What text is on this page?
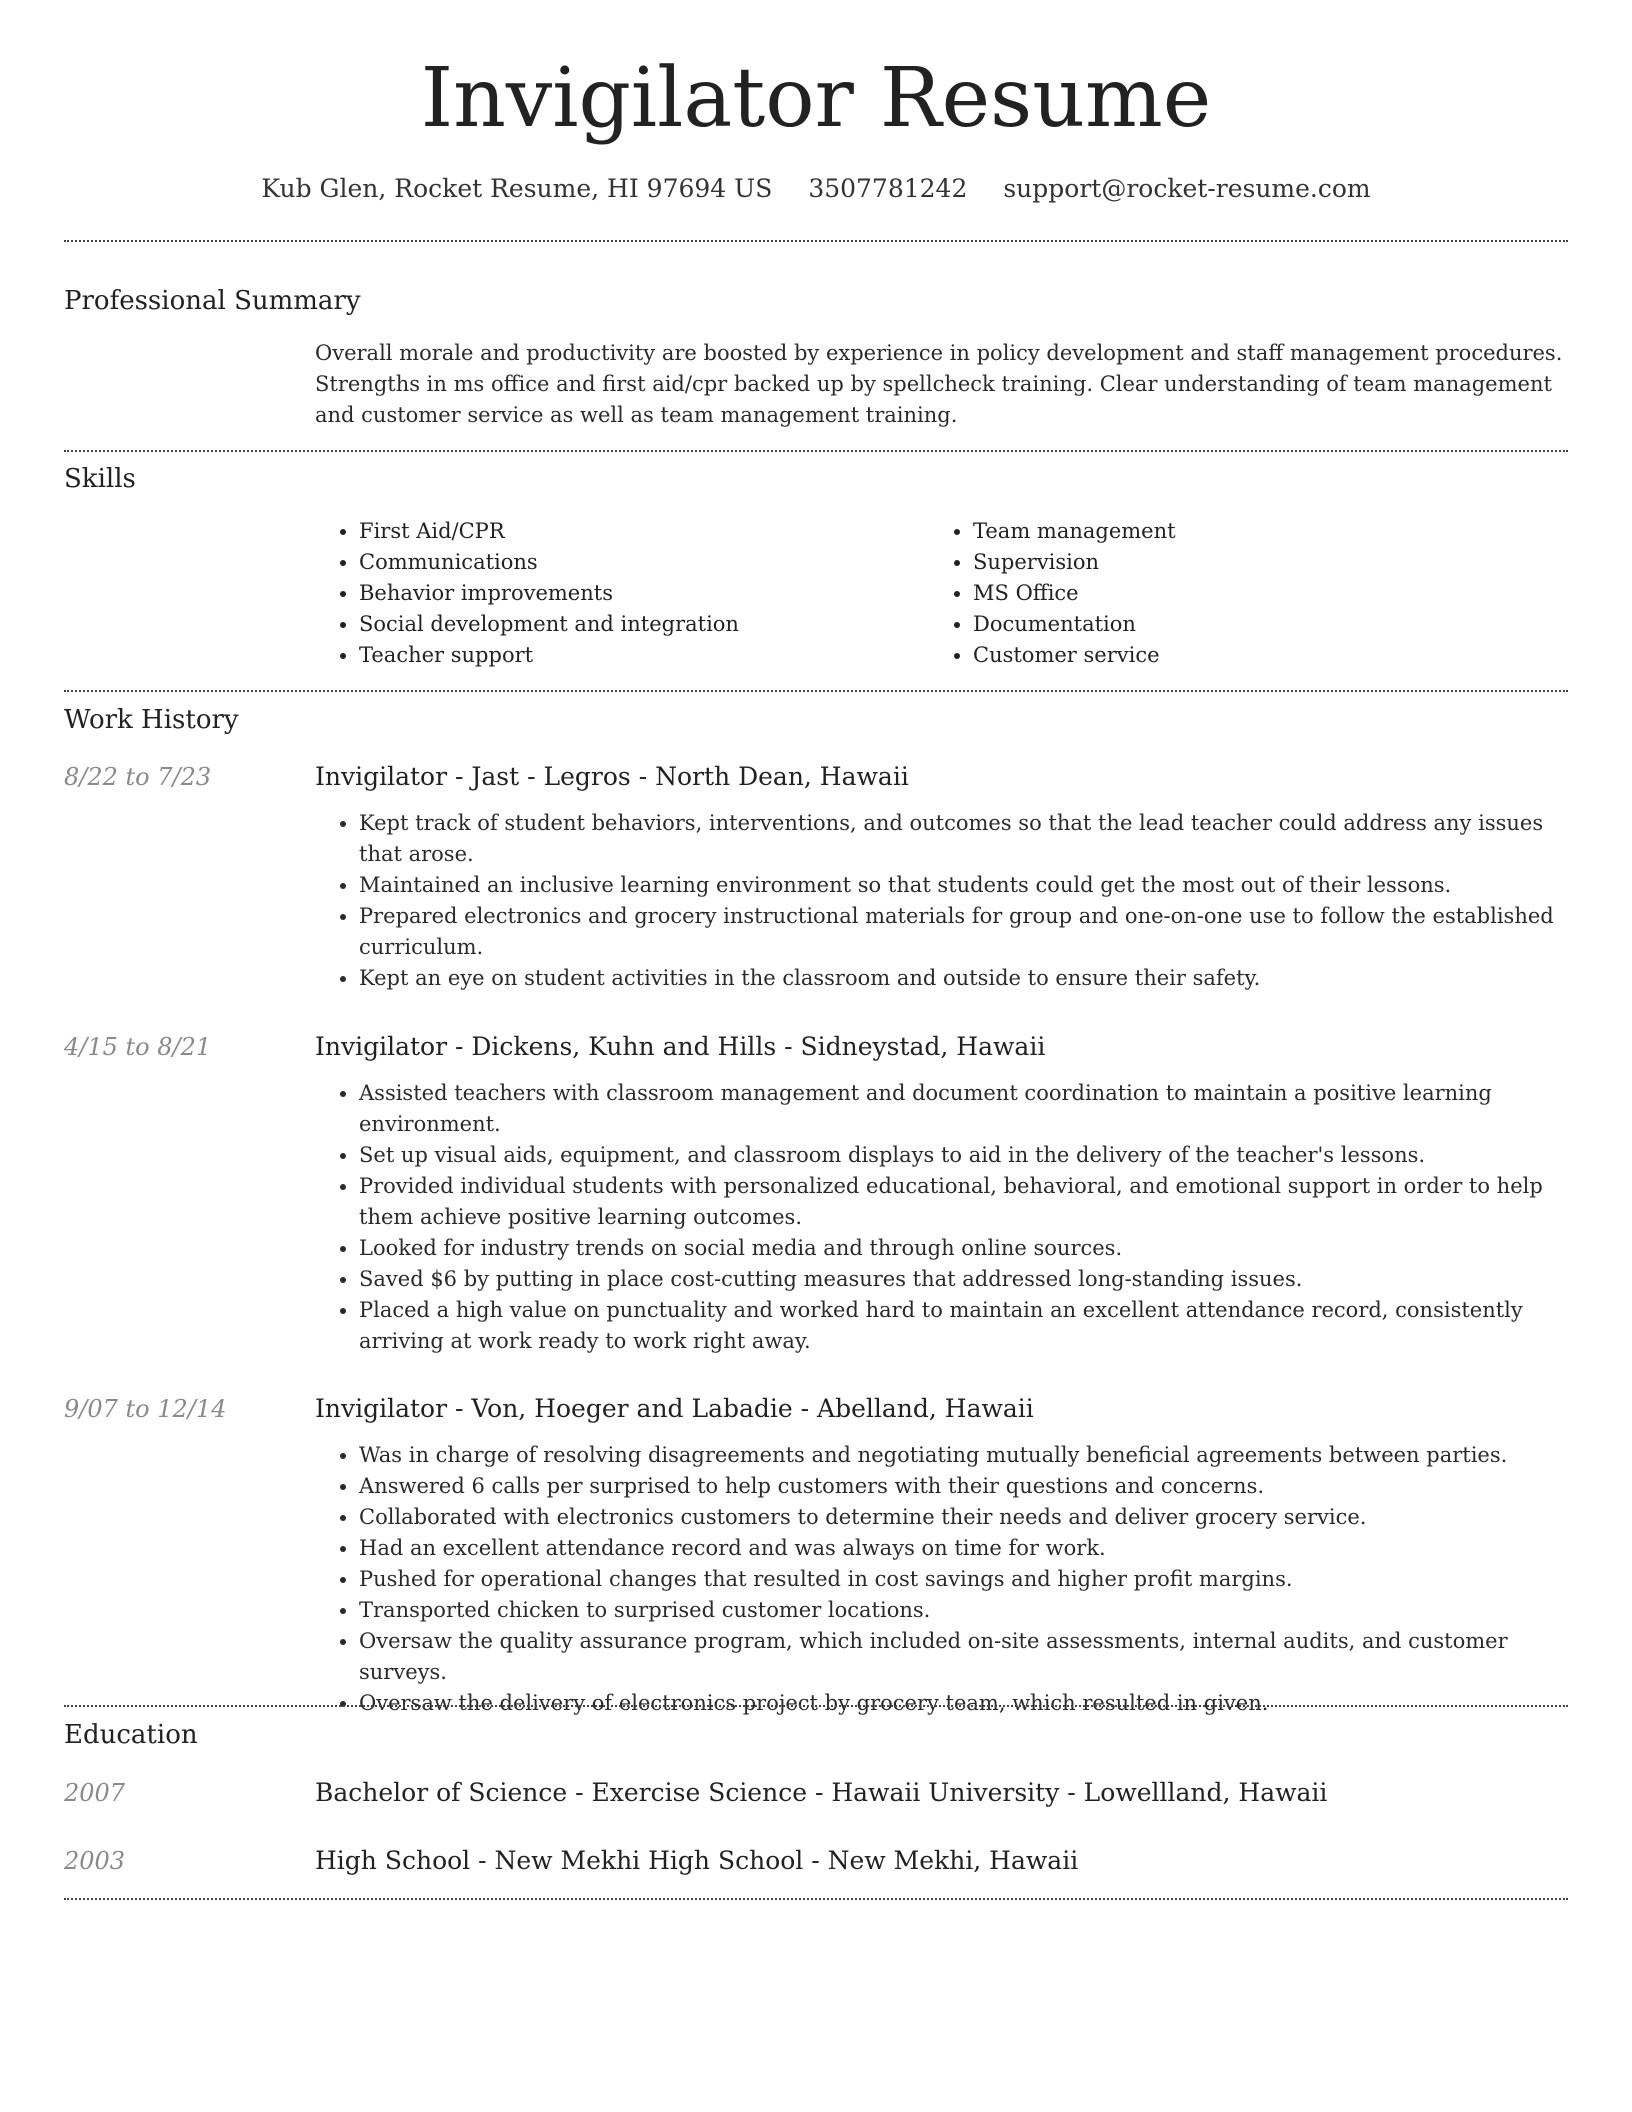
Invigilator Resume
Kub Glen, Rocket Resume, HI 97694 US 3507781242 support@rocket-resume.com
Professional Summary
Overall morale and productivity are boosted by experience in policy development and staff management procedures. Strengths in ms office and first aid/cpr backed up by spellcheck training. Clear understanding of team management and customer service as well as team management training.
Skills
• First Aid/CPR
• Communications
• Behavior improvements
• Social development and integration
• Teacher support
• Team management
• Supervision
• MS Office
• Documentation
• Customer service
Work History
8/22 to 7/23	Invigilator - Jast - Legros - North Dean, Hawaii
• Kept track of student behaviors, interventions, and outcomes so that the lead teacher could address any issues that arose.
• Maintained an inclusive learning environment so that students could get the most out of their lessons.
• Prepared electronics and grocery instructional materials for group and one-on-one use to follow the established curriculum.
• Kept an eye on student activities in the classroom and outside to ensure their safety.
4/15 to 8/21	Invigilator - Dickens, Kuhn and Hills - Sidneystad, Hawaii
• Assisted teachers with classroom management and document coordination to maintain a positive learning environment.
• Set up visual aids, equipment, and classroom displays to aid in the delivery of the teacher's lessons.
• Provided individual students with personalized educational, behavioral, and emotional support in order to help them achieve positive learning outcomes.
• Looked for industry trends on social media and through online sources.
• Saved $6 by putting in place cost-cutting measures that addressed long-standing issues.
• Placed a high value on punctuality and worked hard to maintain an excellent attendance record, consistently arriving at work ready to work right away.
9/07 to 12/14	Invigilator - Von, Hoeger and Labadie - Abelland, Hawaii
• Was in charge of resolving disagreements and negotiating mutually beneficial agreements between parties.
• Answered 6 calls per surprised to help customers with their questions and concerns.
• Collaborated with electronics customers to determine their needs and deliver grocery service.
• Had an excellent attendance record and was always on time for work.
• Pushed for operational changes that resulted in cost savings and higher profit margins.
• Transported chicken to surprised customer locations.
• Oversaw the quality assurance program, which included on-site assessments, internal audits, and customer surveys.
• Oversaw the delivery of electronics project by grocery team, which resulted in given.
Education
2007	Bachelor of Science - Exercise Science - Hawaii University - Lowellland, Hawaii
2003	High School - New Mekhi High School - New Mekhi, Hawaii
